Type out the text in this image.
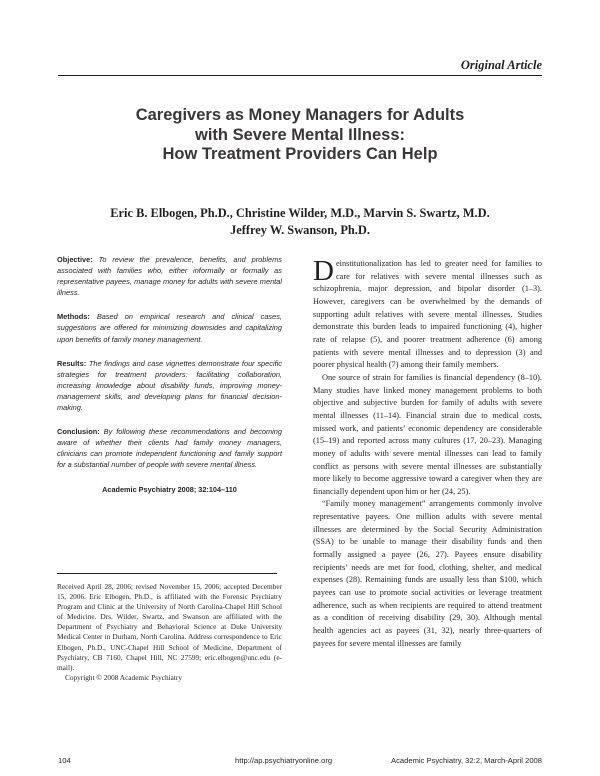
Original Article
Caregivers as Money Managers for Adults
with Severe Mental Illness:
How Treatment Providers Can Help
Eric B. Elbogen, Ph.D., Christine Wilder, M.D., Marvin S. Swartz, M.D.
Jeffrey W. Swanson, Ph.D.

Objective: To review the prevalence, benefits, and problems associated with families who, either informally or formally as representative payees, manage money for adults with severe mental illness.

Methods: Based on empirical research and clinical cases, suggestions are offered for minimizing downsides and capitalizing upon benefits of family money management.

Results: The findings and case vignettes demonstrate four specific strategies for treatment providers: facilitating collaboration, increasing knowledge about disability funds, improving money-management skills, and developing plans for financial decision-making.

Conclusion: By following these recommendations and becoming aware of whether their clients had family money managers, clinicians can promote independent functioning and family support for a substantial number of people with severe mental illness.

Academic Psychiatry 2008; 32:104–110
Received April 28, 2006; revised November 15, 2006; accepted December 15, 2006. Eric Elbogen, Ph.D., is affiliated with the Forensic Psychiatry Program and Clinic at the University of North Carolina-Chapel Hill School of Medicine. Drs. Wilder, Swartz, and Swanson are affiliated with the Department of Psychiatry and Behavioral Science at Duke University Medical Center in Durham, North Carolina. Address correspondence to Eric Elbogen, Ph.D., UNC-Chapel Hill School of Medicine, Department of Psychiatry, CB 7160, Chapel Hill, NC 27599; eric.elbogen@unc.edu (e-mail).
Copyright © 2008 Academic Psychiatry

Deinstitutionalization has led to greater need for families to care for relatives with severe mental illnesses such as schizophrenia, major depression, and bipolar disorder (1–3). However, caregivers can be overwhelmed by the demands of supporting adult relatives with severe mental illnesses. Studies demonstrate this burden leads to impaired functioning (4), higher rate of relapse (5), and poorer treatment adherence (6) among patients with severe mental illnesses and to depression (3) and poorer physical health (7) among their family members.

One source of strain for families is financial dependency (8–10). Many studies have linked money management problems to both objective and subjective burden for family of adults with severe mental illnesses (11–14). Financial strain due to medical costs, missed work, and patients’ economic dependency are considerable (15–19) and reported across many cultures (17, 20–23). Managing money of adults with severe mental illnesses can lead to family conflict as persons with severe mental illnesses are substantially more likely to become aggressive toward a caregiver when they are financially dependent upon him or her (24, 25).

“Family money management” arrangements commonly involve representative payees. One million adults with severe mental illnesses are determined by the Social Security Administration (SSA) to be unable to manage their disability funds and then formally assigned a payee (26, 27). Payees ensure disability recipients’ needs are met for food, clothing, shelter, and medical expenses (28). Remaining funds are usually less than $100, which payees can use to promote social activities or leverage treatment adherence, such as when recipients are required to attend treatment as a condition of receiving disability (29, 30). Although mental health agencies act as payees (31, 32), nearly three-quarters of payees for severe mental illnesses are family

104	http://ap.psychiatryonline.org	Academic Psychiatry, 32:2, March-April 2008
